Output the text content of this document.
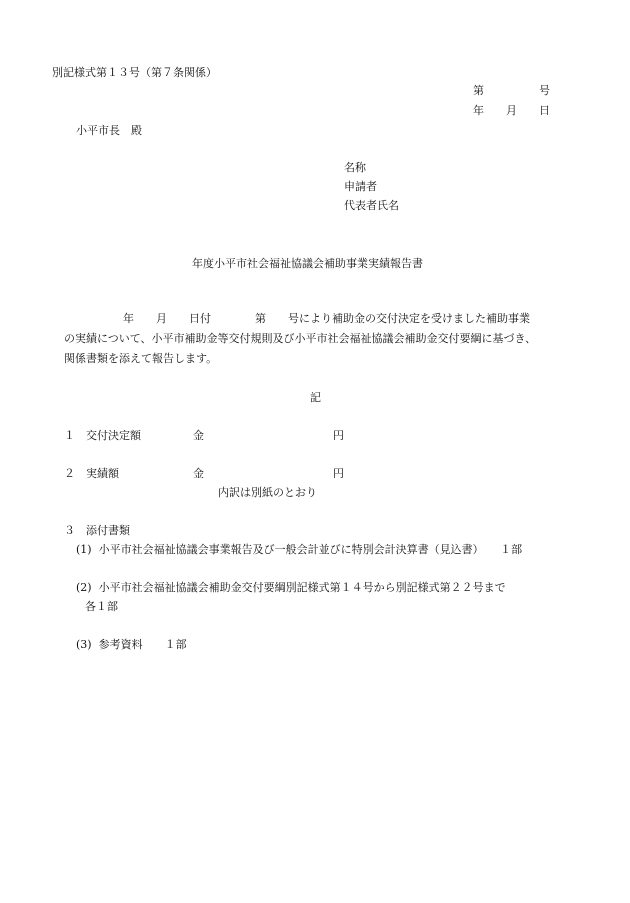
別記様式第１３号（第７条関係）
第　　　　　号
年　　月　　日
小平市長　殿
名称
申請者
代表者氏名
年度小平市社会福祉協議会補助事業実績報告書
年　　月　　日付　　　　第　　号により補助金の交付決定を受けました補助事業
の実績について、小平市補助金等交付規則及び小平市社会福祉協議会補助金交付要綱に基づき、
関係書類を添えて報告します。
記
１　交付決定額	金	円
２　実績額	金	円
内訳は別紙のとおり
３　添付書類
(1)  小平市社会福祉協議会事業報告及び一般会計並びに特別会計決算書（見込書）　　１部
(2)  小平市社会福祉協議会補助金交付要綱別記様式第１４号から別記様式第２２号まで
各１部
(3)  参考資料　　１部
